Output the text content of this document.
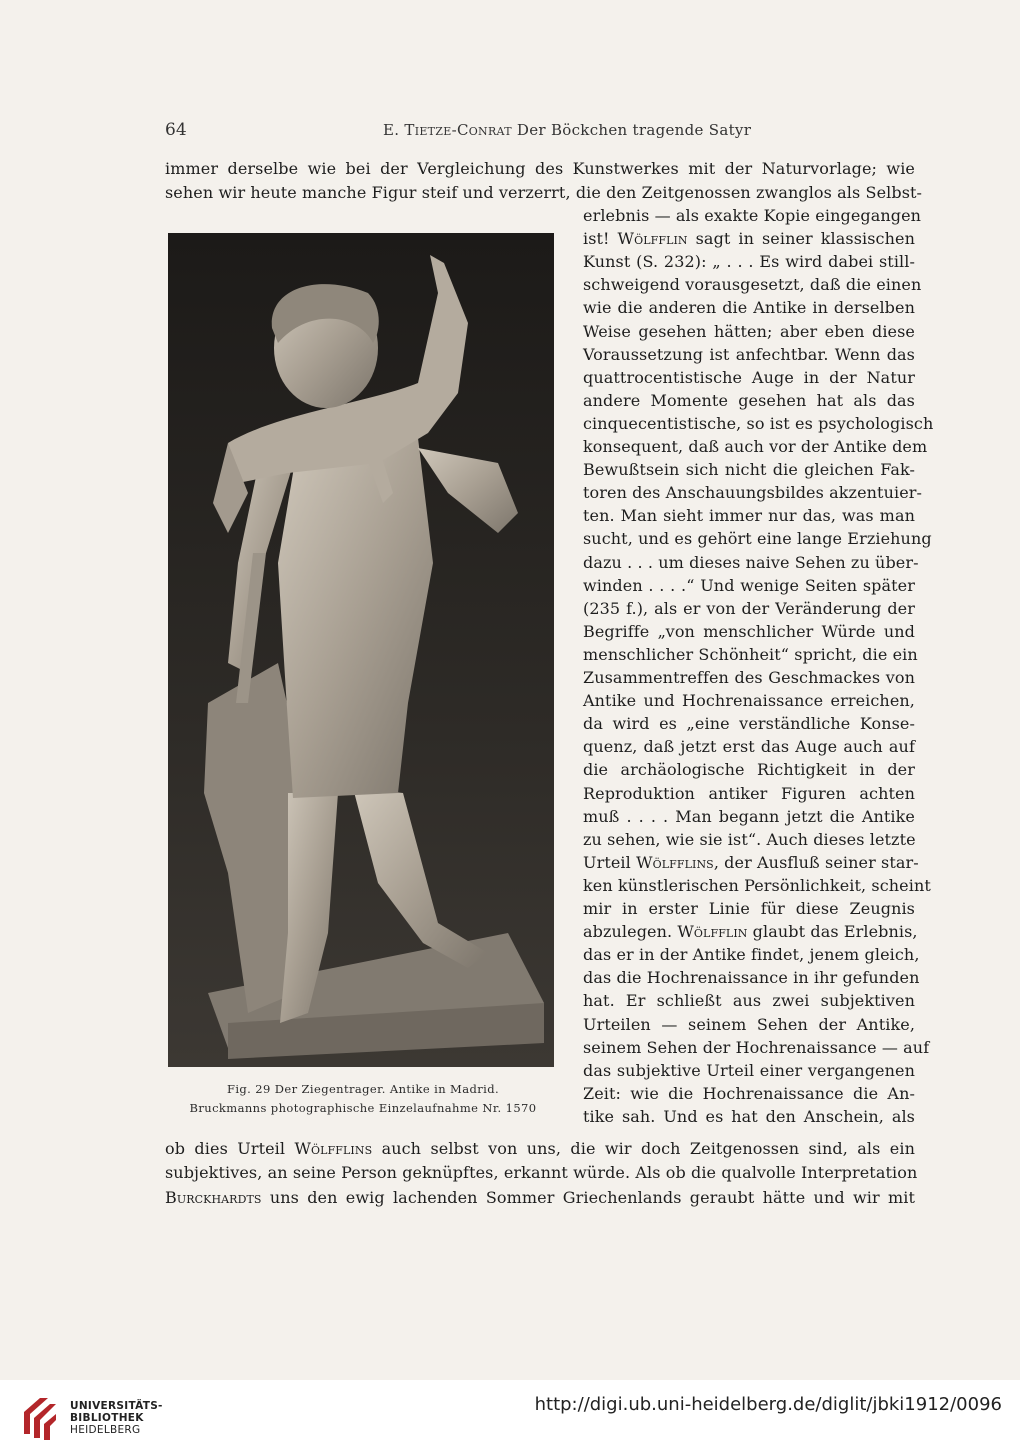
64	E. Tietze-Conrat Der Böckchen tragende Satyr
immer derselbe wie bei der Vergleichung des Kunstwerkes mit der Naturvorlage; wie
sehen wir heute manche Figur steif und verzerrt, die den Zeitgenossen zwanglos als Selbst-
erlebnis — als exakte Kopie eingegangen
ist! Wölfflin sagt in seiner klassischen
Kunst (S. 232): „ . . . Es wird dabei still-
schweigend vorausgesetzt, daß die einen
wie die anderen die Antike in derselben
Weise gesehen hätten; aber eben diese
Voraussetzung ist anfechtbar. Wenn das
quattrocentistische Auge in der Natur
andere Momente gesehen hat als das
cinquecentistische, so ist es psychologisch
konsequent, daß auch vor der Antike dem
Bewußtsein sich nicht die gleichen Fak-
toren des Anschauungsbildes akzentuier-
ten. Man sieht immer nur das, was man
sucht, und es gehört eine lange Erziehung
dazu . . . um dieses naive Sehen zu über-
winden . . . .“ Und wenige Seiten später
(235 f.), als er von der Veränderung der
Begriffe „von menschlicher Würde und
menschlicher Schönheit“ spricht, die ein
Zusammentreffen des Geschmackes von
Antike und Hochrenaissance erreichen,
da wird es „eine verständliche Konse-
quenz, daß jetzt erst das Auge auch auf
die archäologische Richtigkeit in der
Reproduktion antiker Figuren achten
muß . . . . Man begann jetzt die Antike
zu sehen, wie sie ist“. Auch dieses letzte
Urteil Wölfflins, der Ausfluß seiner star-
ken künstlerischen Persönlichkeit, scheint
mir in erster Linie für diese Zeugnis
abzulegen. Wölfflin glaubt das Erlebnis,
das er in der Antike findet, jenem gleich,
das die Hochrenaissance in ihr gefunden
hat. Er schließt aus zwei subjektiven
Urteilen — seinem Sehen der Antike,
seinem Sehen der Hochrenaissance — auf
das subjektive Urteil einer vergangenen
Zeit: wie die Hochrenaissance die An-
tike sah. Und es hat den Anschein, als
ob dies Urteil Wölfflins auch selbst von uns, die wir doch Zeitgenossen sind, als ein
subjektives, an seine Person geknüpftes, erkannt würde. Als ob die qualvolle Interpretation
Burckhardts uns den ewig lachenden Sommer Griechenlands geraubt hätte und wir mit
Fig. 29 Der Ziegentrager. Antike in Madrid.
Bruckmanns photographische Einzelaufnahme Nr. 1570
UNIVERSITÄTS-
BIBLIOTHEK
HEIDELBERG
http://digi.ub.uni-heidelberg.de/diglit/jbki1912/0096
